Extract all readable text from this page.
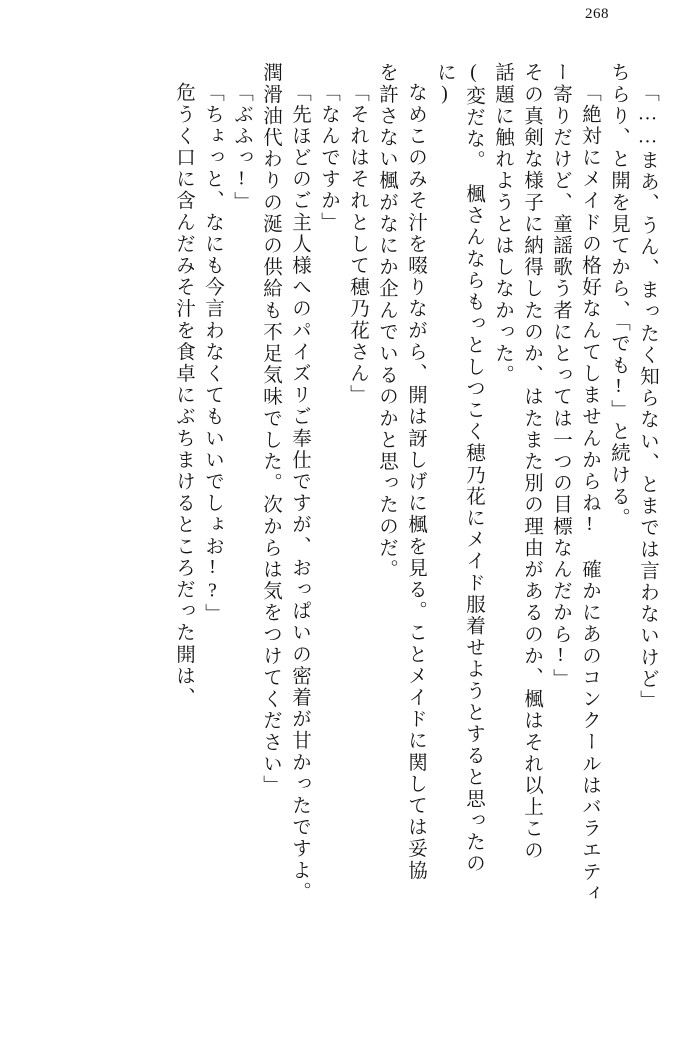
268
「……まあ、うん、まったく知らない、とまでは言わないけど」
ちらり、と開を見てから、「でも!」と続ける。
「絶対にメイドの格好なんてしませんからね!　確かにあのコンクールはバラエティ
ー寄りだけど、童謡歌う者にとっては一つの目標なんだから!」
その真剣な様子に納得したのか、はたまた別の理由があるのか、楓はそれ以上この
話題に触れようとはしなかった。
(変だな。　楓さんならもっとしつこく穂乃花にメイド服着せようとすると思ったの
に)
なめこのみそ汁を啜りながら、開は訝しげに楓を見る。ことメイドに関しては妥協
を許さない楓がなにか企んでいるのかと思ったのだ。
「それはそれとして穂乃花さん」
「なんですか」
「先ほどのご主人様へのパイズリご奉仕ですが、おっぱいの密着が甘かったですよ。
潤滑油代わりの涎の供給も不足気味でした。次からは気をつけてください」
「ぶふっ!」
「ちょっと、なにも今言わなくてもいいでしょお!?」
危うく口に含んだみそ汁を食卓にぶちまけるところだった開は、
